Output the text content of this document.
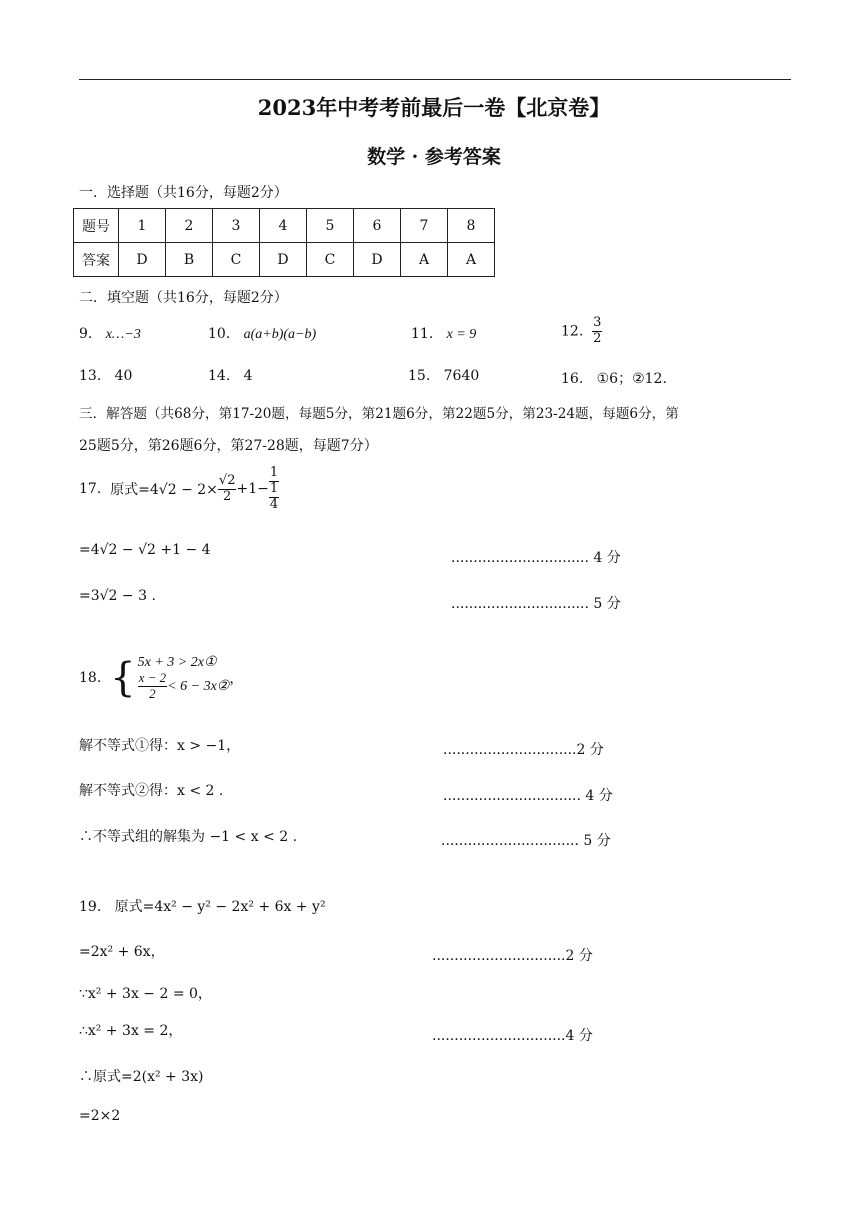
2023年中考考前最后一卷【北京卷】
数学 · 参考答案
一．选择题（共16分，每题2分）
题号	1	2	3	4	5	6	7	8
答案	D	B	C	D	C	D	A	A
二．填空题（共16分，每题2分）
9. x…−3	10. a(a+b)(a−b)	11. x = 9	12. $\frac{3}{2}$
13. 40	14. 4	15. 7640	16. ①6；②12.
三．解答题（共68分，第17-20题，每题5分，第21题6分，第22题5分，第23-24题，每题6分，第
25题5分，第26题6分，第27-28题，每题7分）
17.
原式$=4√2 - 2\times \frac{√2}{2} +1- \frac{1}{\frac{1}{4}}$
=4√2 − √2 +1 − 4	............................... 4 分
=3√2 − 3 .	............................... 5 分
18.
{ 5x + 3 > 2x①
$\frac{x - 2}{2} < 6$ − 3x② ，
解不等式①得：x > −1，	..............................2 分
解不等式②得：x < 2 .	............................... 4 分
∴不等式组的解集为 −1 < x < 2 .	............................... 5 分
19. 原式=4x² − y² − 2x² + 6x + y²
=2x² + 6x，	..............................2 分
∵x² + 3x − 2 = 0，
∴x² + 3x = 2，	..............................4 分
∴原式=2(x² + 3x)
=2×2
